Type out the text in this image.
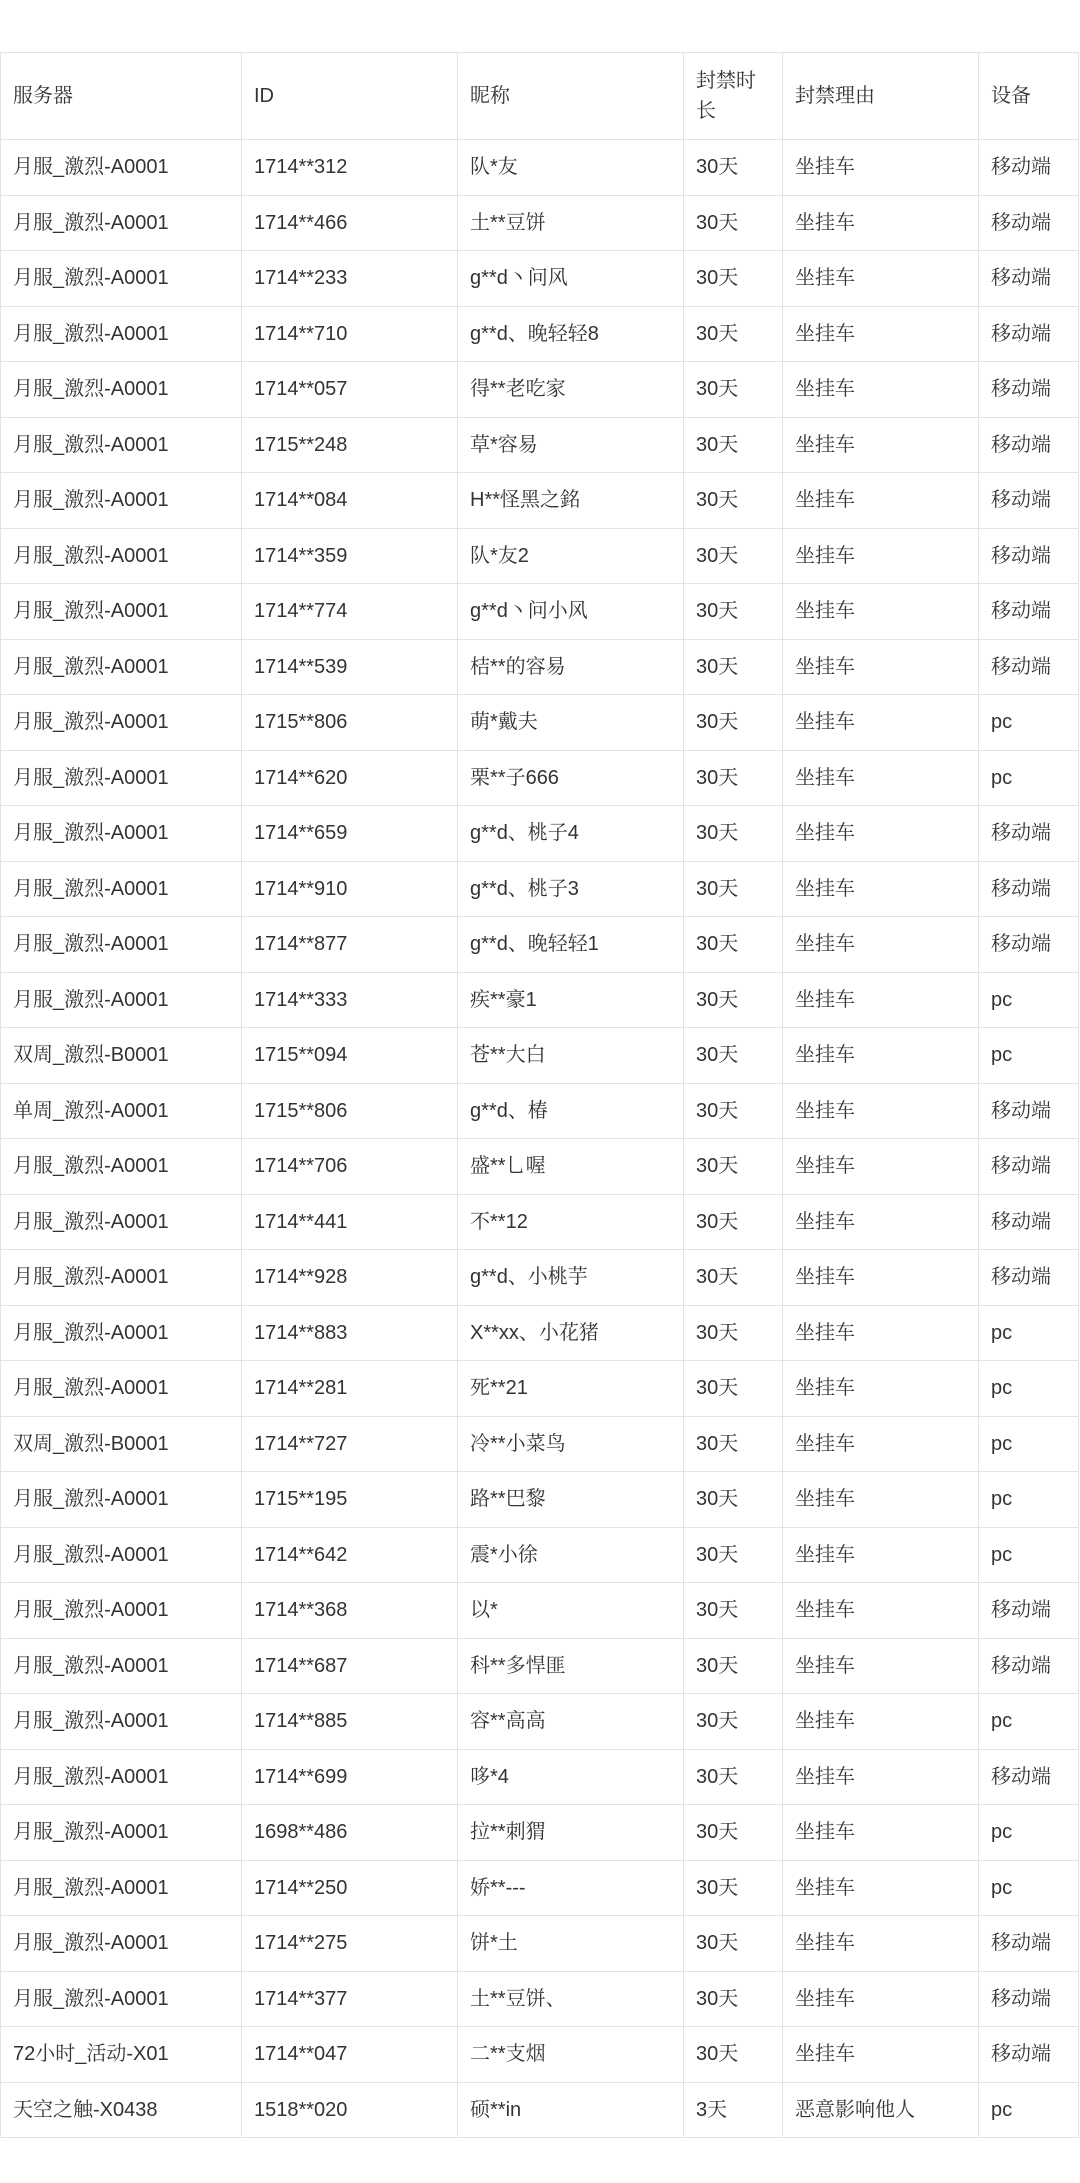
服务器	ID	昵称	封禁时长	封禁理由	设备
月服_激烈-A0001	1714**312	队*友	30天	坐挂车	移动端
月服_激烈-A0001	1714**466	土**豆饼	30天	坐挂车	移动端
月服_激烈-A0001	1714**233	g**d丶问风	30天	坐挂车	移动端
月服_激烈-A0001	1714**710	g**d、晚轻轻8	30天	坐挂车	移动端
月服_激烈-A0001	1714**057	得**老吃家	30天	坐挂车	移动端
月服_激烈-A0001	1715**248	草*容易	30天	坐挂车	移动端
月服_激烈-A0001	1714**084	H**怪黑之銘	30天	坐挂车	移动端
月服_激烈-A0001	1714**359	队*友2	30天	坐挂车	移动端
月服_激烈-A0001	1714**774	g**d丶问小风	30天	坐挂车	移动端
月服_激烈-A0001	1714**539	桔**的容易	30天	坐挂车	移动端
月服_激烈-A0001	1715**806	萌*戴夫	30天	坐挂车	pc
月服_激烈-A0001	1714**620	栗**子666	30天	坐挂车	pc
月服_激烈-A0001	1714**659	g**d、桃子4	30天	坐挂车	移动端
月服_激烈-A0001	1714**910	g**d、桃子3	30天	坐挂车	移动端
月服_激烈-A0001	1714**877	g**d、晚轻轻1	30天	坐挂车	移动端
月服_激烈-A0001	1714**333	疾**豪1	30天	坐挂车	pc
双周_激烈-B0001	1715**094	苍**大白	30天	坐挂车	pc
单周_激烈-A0001	1715**806	g**d、椿	30天	坐挂车	移动端
月服_激烈-A0001	1714**706	盛**乚喔	30天	坐挂车	移动端
月服_激烈-A0001	1714**441	不**12	30天	坐挂车	移动端
月服_激烈-A0001	1714**928	g**d、小桃芋	30天	坐挂车	移动端
月服_激烈-A0001	1714**883	X**xx、小花猪	30天	坐挂车	pc
月服_激烈-A0001	1714**281	死**21	30天	坐挂车	pc
双周_激烈-B0001	1714**727	冷**小菜鸟	30天	坐挂车	pc
月服_激烈-A0001	1715**195	路**巴黎	30天	坐挂车	pc
月服_激烈-A0001	1714**642	震*小徐	30天	坐挂车	pc
月服_激烈-A0001	1714**368	以*	30天	坐挂车	移动端
月服_激烈-A0001	1714**687	科**多悍匪	30天	坐挂车	移动端
月服_激烈-A0001	1714**885	容**高高	30天	坐挂车	pc
月服_激烈-A0001	1714**699	哆*4	30天	坐挂车	移动端
月服_激烈-A0001	1698**486	拉**刺猬	30天	坐挂车	pc
月服_激烈-A0001	1714**250	娇**---	30天	坐挂车	pc
月服_激烈-A0001	1714**275	饼*土	30天	坐挂车	移动端
月服_激烈-A0001	1714**377	土**豆饼、	30天	坐挂车	移动端
72小时_活动-X01	1714**047	二**支烟	30天	坐挂车	移动端
天空之触-X0438	1518**020	硕**in	3天	恶意影响他人	pc
